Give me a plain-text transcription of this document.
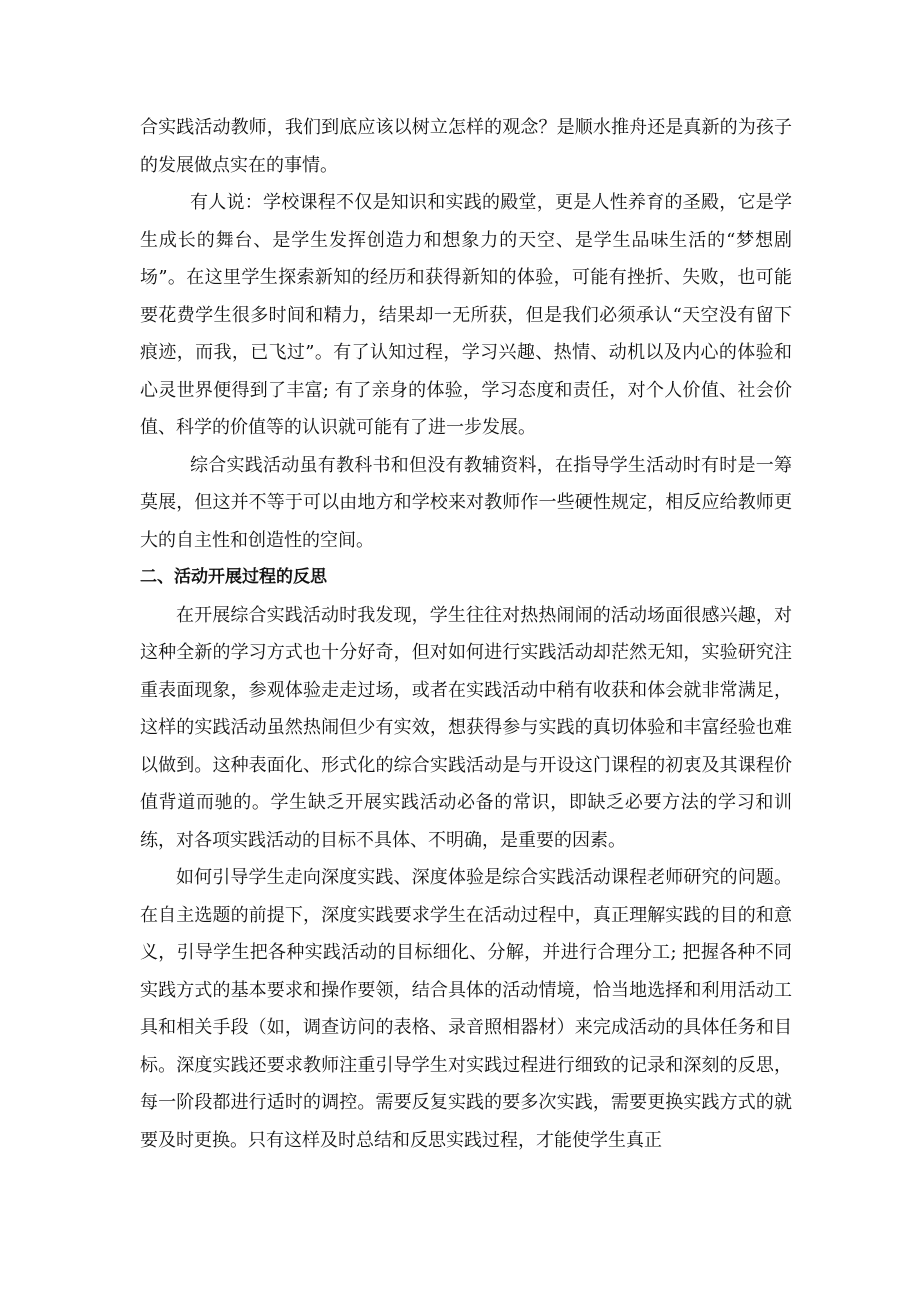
合实践活动教师，我们到底应该以树立怎样的观念？是顺水推舟还是真新的为孩子的发展做点实在的事情。

有人说：学校课程不仅是知识和实践的殿堂，更是人性养育的圣殿，它是学生成长的舞台、是学生发挥创造力和想象力的天空、是学生品味生活的“梦想剧场”。在这里学生探索新知的经历和获得新知的体验，可能有挫折、失败，也可能要花费学生很多时间和精力，结果却一无所获，但是我们必须承认“天空没有留下痕迹，而我，已飞过”。有了认知过程，学习兴趣、热情、动机以及内心的体验和心灵世界便得到了丰富; 有了亲身的体验，学习态度和责任，对个人价值、社会价值、科学的价值等的认识就可能有了进一步发展。

综合实践活动虽有教科书和但没有教辅资料，在指导学生活动时有时是一筹莫展，但这并不等于可以由地方和学校来对教师作一些硬性规定，相反应给教师更大的自主性和创造性的空间。

二、活动开展过程的反思

在开展综合实践活动时我发现，学生往往对热热闹闹的活动场面很感兴趣，对这种全新的学习方式也十分好奇，但对如何进行实践活动却茫然无知，实验研究注重表面现象，参观体验走走过场，或者在实践活动中稍有收获和体会就非常满足，这样的实践活动虽然热闹但少有实效，想获得参与实践的真切体验和丰富经验也难以做到。这种表面化、形式化的综合实践活动是与开设这门课程的初衷及其课程价值背道而驰的。学生缺乏开展实践活动必备的常识，即缺乏必要方法的学习和训练，对各项实践活动的目标不具体、不明确，是重要的因素。

如何引导学生走向深度实践、深度体验是综合实践活动课程老师研究的问题。在自主选题的前提下，深度实践要求学生在活动过程中，真正理解实践的目的和意义，引导学生把各种实践活动的目标细化、分解，并进行合理分工; 把握各种不同实践方式的基本要求和操作要领，结合具体的活动情境，恰当地选择和利用活动工具和相关手段（如，调查访问的表格、录音照相器材）来完成活动的具体任务和目标。深度实践还要求教师注重引导学生对实践过程进行细致的记录和深刻的反思，每一阶段都进行适时的调控。需要反复实践的要多次实践，需要更换实践方式的就要及时更换。只有这样及时总结和反思实践过程，才能使学生真正
